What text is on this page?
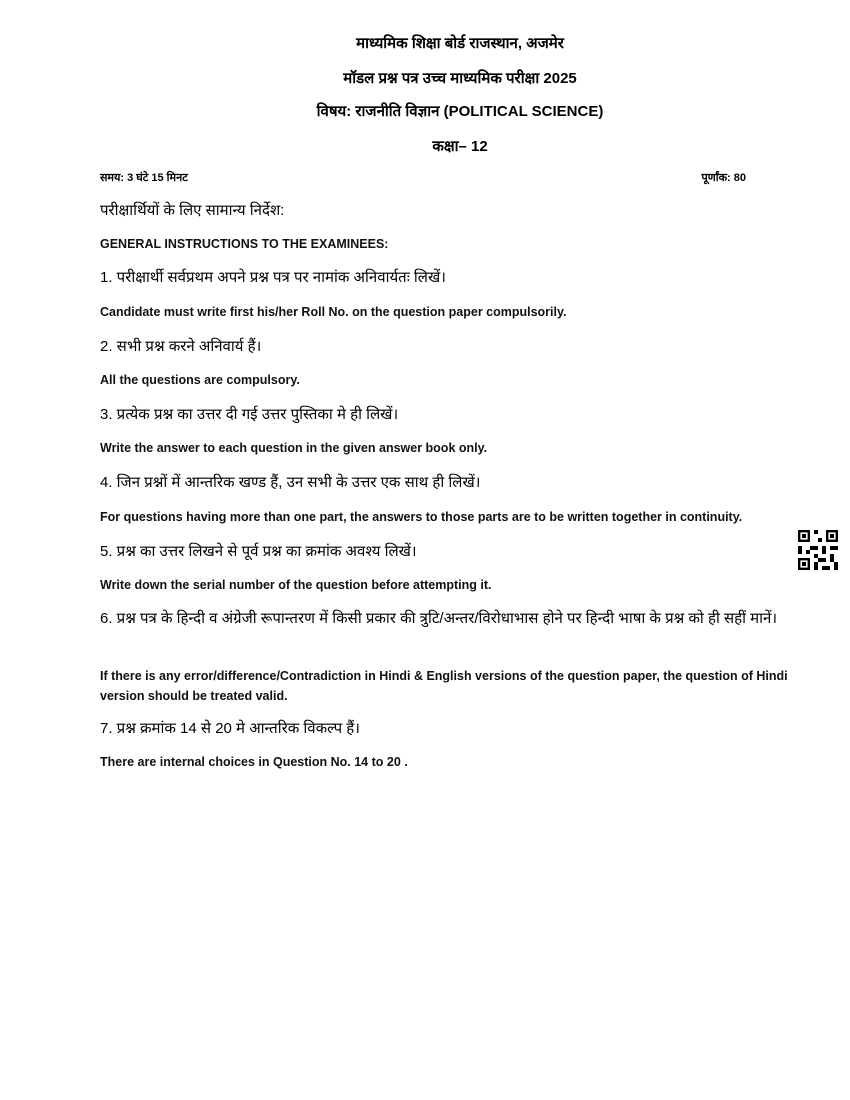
माध्यमिक शिक्षा बोर्ड राजस्थान, अजमेर
मॉडल प्रश्न पत्र उच्च माध्यमिक परीक्षा 2025
विषय: राजनीति विज्ञान (POLITICAL SCIENCE)
कक्षा– 12
समय: 3 घंटे 15 मिनट	पूर्णांक: 80
परीक्षार्थियों के लिए सामान्य निर्देश:
GENERAL INSTRUCTIONS TO THE EXAMINEES:
1. परीक्षार्थी सर्वप्रथम अपने प्रश्न पत्र पर नामांक अनिवार्यतः लिखें।
Candidate must write first his/her Roll No. on the question paper compulsorily.
2. सभी प्रश्न करने अनिवार्य हैं।
All the questions are compulsory.
3. प्रत्येक प्रश्न का उत्तर दी गई उत्तर पुस्तिका मे ही लिखें।
Write the answer to each question in the given answer book only.
4. जिन प्रश्नों में आन्तरिक खण्ड हैं, उन सभी के उत्तर एक साथ ही लिखें।
For questions having more than one part, the answers to those parts are to be written together in continuity.
5. प्रश्न का उत्तर लिखने से पूर्व प्रश्न का क्रमांक अवश्य लिखें।
Write down the serial number of the question before attempting it.
6. प्रश्न पत्र के हिन्दी व अंग्रेजी रूपान्तरण में किसी प्रकार की त्रुटि/अन्तर/विरोधाभास होने पर हिन्दी भाषा के प्रश्न को ही सहीं मानें।
If there is any error/difference/Contradiction in Hindi & English versions of the question paper, the question of Hindi version should be treated valid.
7. प्रश्न क्रमांक 14 से 20 मे आन्तरिक विकल्प हैं।
There are internal choices in Question No. 14 to 20 .
